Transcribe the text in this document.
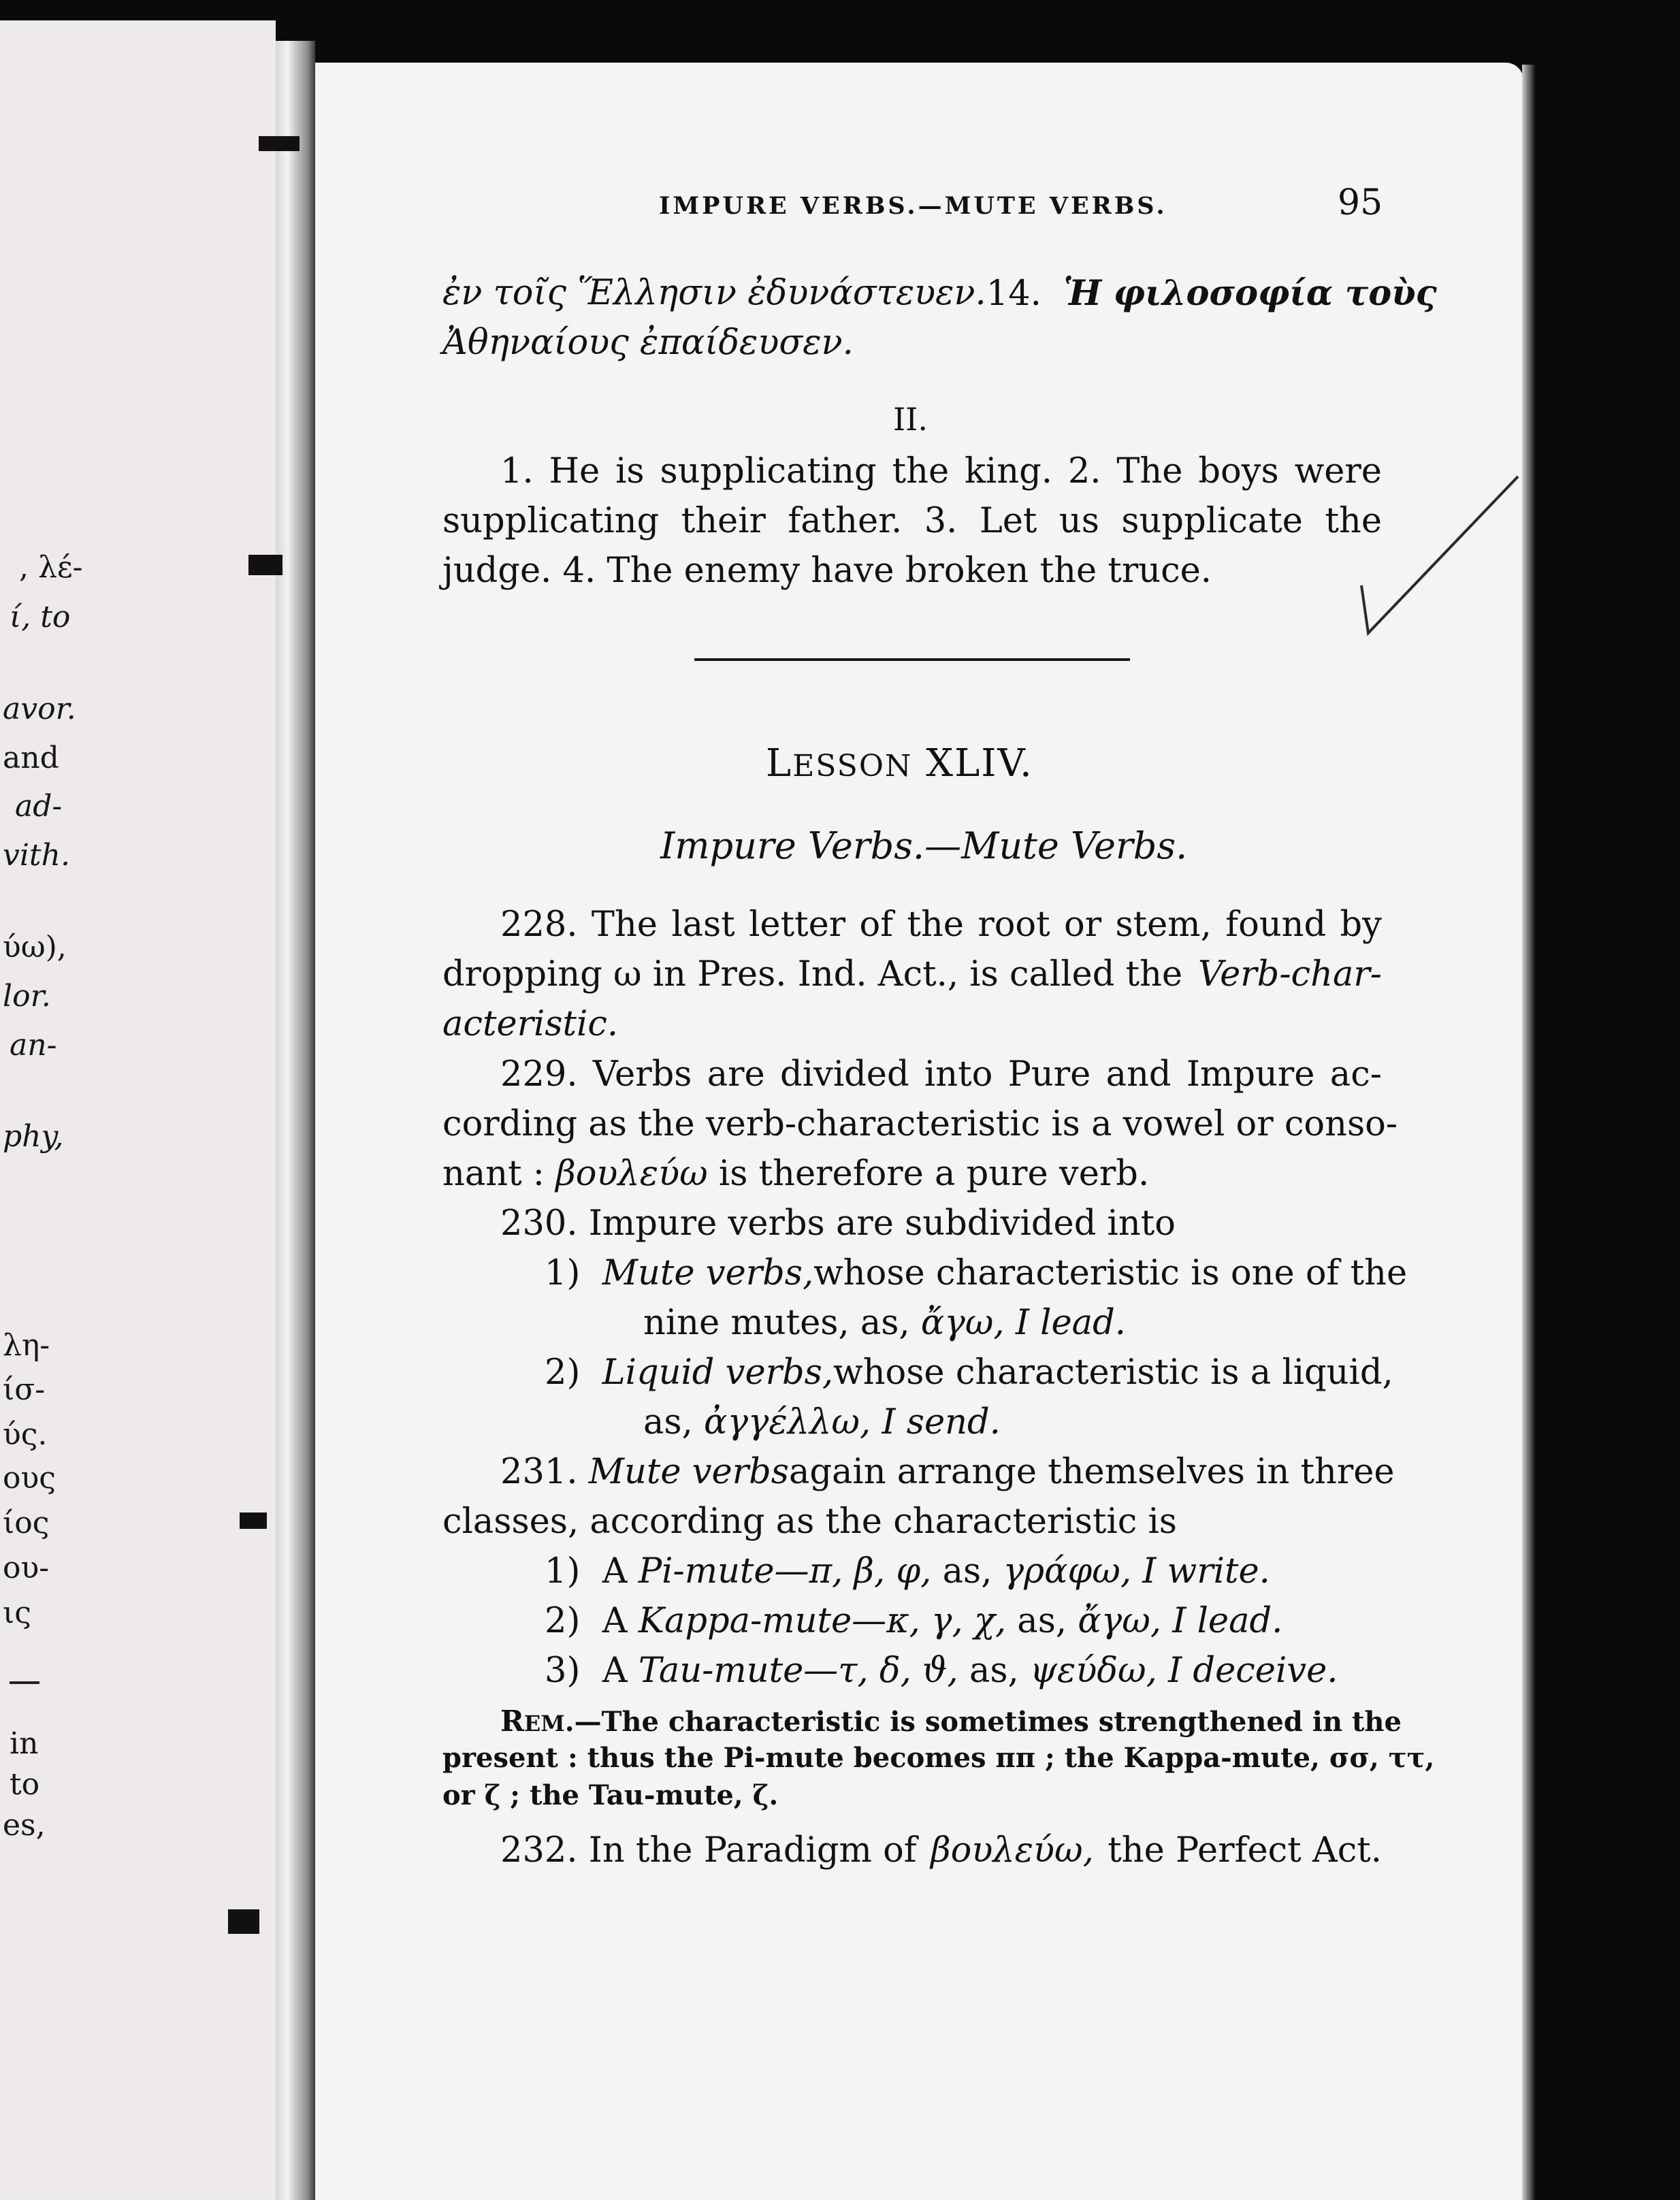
, λέ-
ί, to
avor.
and
ad-
vith.
ύω),
lor.
an-
phy,
λη-
ίσ-
ύς.
ους
ίος
ου-
ις
in
to
es,
IMPURE VERBS.—MUTE VERBS.	95
ἐν τοῖς Ἕλλησιν ἐδυνάστευεν. 14. Ἡ φιλοσοφία τοὺς
Ἀθηναίους ἐπαίδευσεν.
II.
1. He is supplicating the king. 2. The boys were
supplicating their father. 3. Let us supplicate the
judge. 4. The enemy have broken the truce.
LESSON XLIV.
Impure Verbs.—Mute Verbs.
228. The last letter of the root or stem, found by
dropping ω in Pres. Ind. Act., is called the Verb-char-
acteristic.
229. Verbs are divided into Pure and Impure ac-
cording as the verb-characteristic is a vowel or conso-
nant : βουλεύω is therefore a pure verb.
230. Impure verbs are subdivided into
1) Mute verbs, whose characteristic is one of the
nine mutes, as, ἄγω, I lead.
2) Liquid verbs, whose characteristic is a liquid,
as, ἀγγέλλω, I send.
231. Mute verbs again arrange themselves in three
classes, according as the characteristic is
1) A Pi-mute—π, β, φ, as, γράφω, I write.
2) A Kappa-mute—κ, γ, χ, as, ἄγω, I lead.
3) A Tau-mute—τ, δ, ϑ, as, ψεύδω, I deceive.
REM.—The characteristic is sometimes strengthened in the
present : thus the Pi-mute becomes ππ ; the Kappa-mute, σσ, ττ,
or ζ ; the Tau-mute, ζ.
232. In the Paradigm of βουλεύω, the Perfect Act.
